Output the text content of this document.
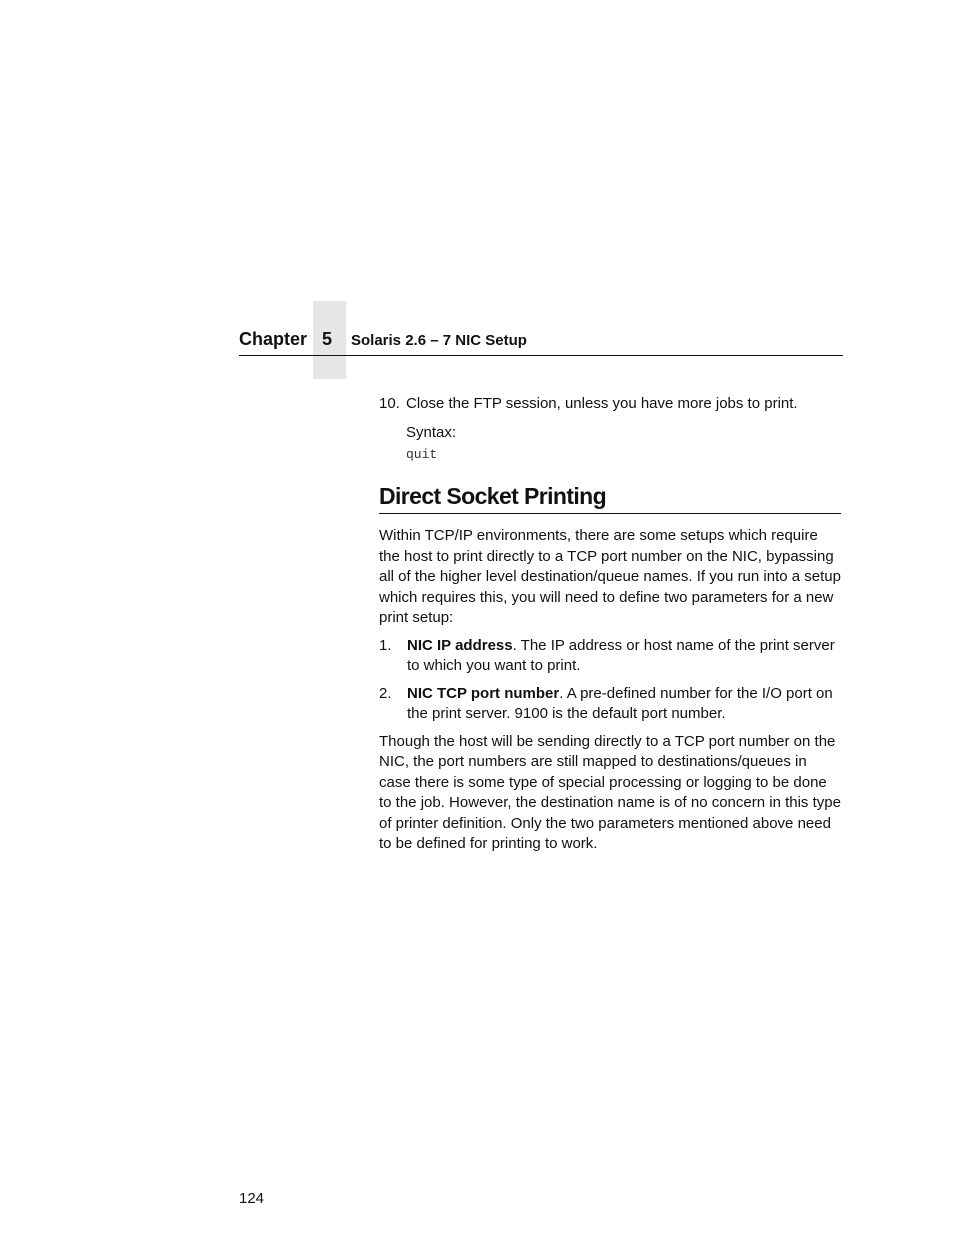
Chapter 5 Solaris 2.6 – 7 NIC Setup
10. Close the FTP session, unless you have more jobs to print.
Syntax:
quit
Direct Socket Printing

Within TCP/IP environments, there are some setups which require the host to print directly to a TCP port number on the NIC, bypassing all of the higher level destination/queue names. If you run into a setup which requires this, you will need to define two parameters for a new print setup:

1.	NIC IP address. The IP address or host name of the print server to which you want to print.
2.	NIC TCP port number. A pre-defined number for the I/O port on the print server. 9100 is the default port number.

Though the host will be sending directly to a TCP port number on the NIC, the port numbers are still mapped to destinations/queues in case there is some type of special processing or logging to be done to the job. However, the destination name is of no concern in this type of printer definition. Only the two parameters mentioned above need to be defined for printing to work.

124
